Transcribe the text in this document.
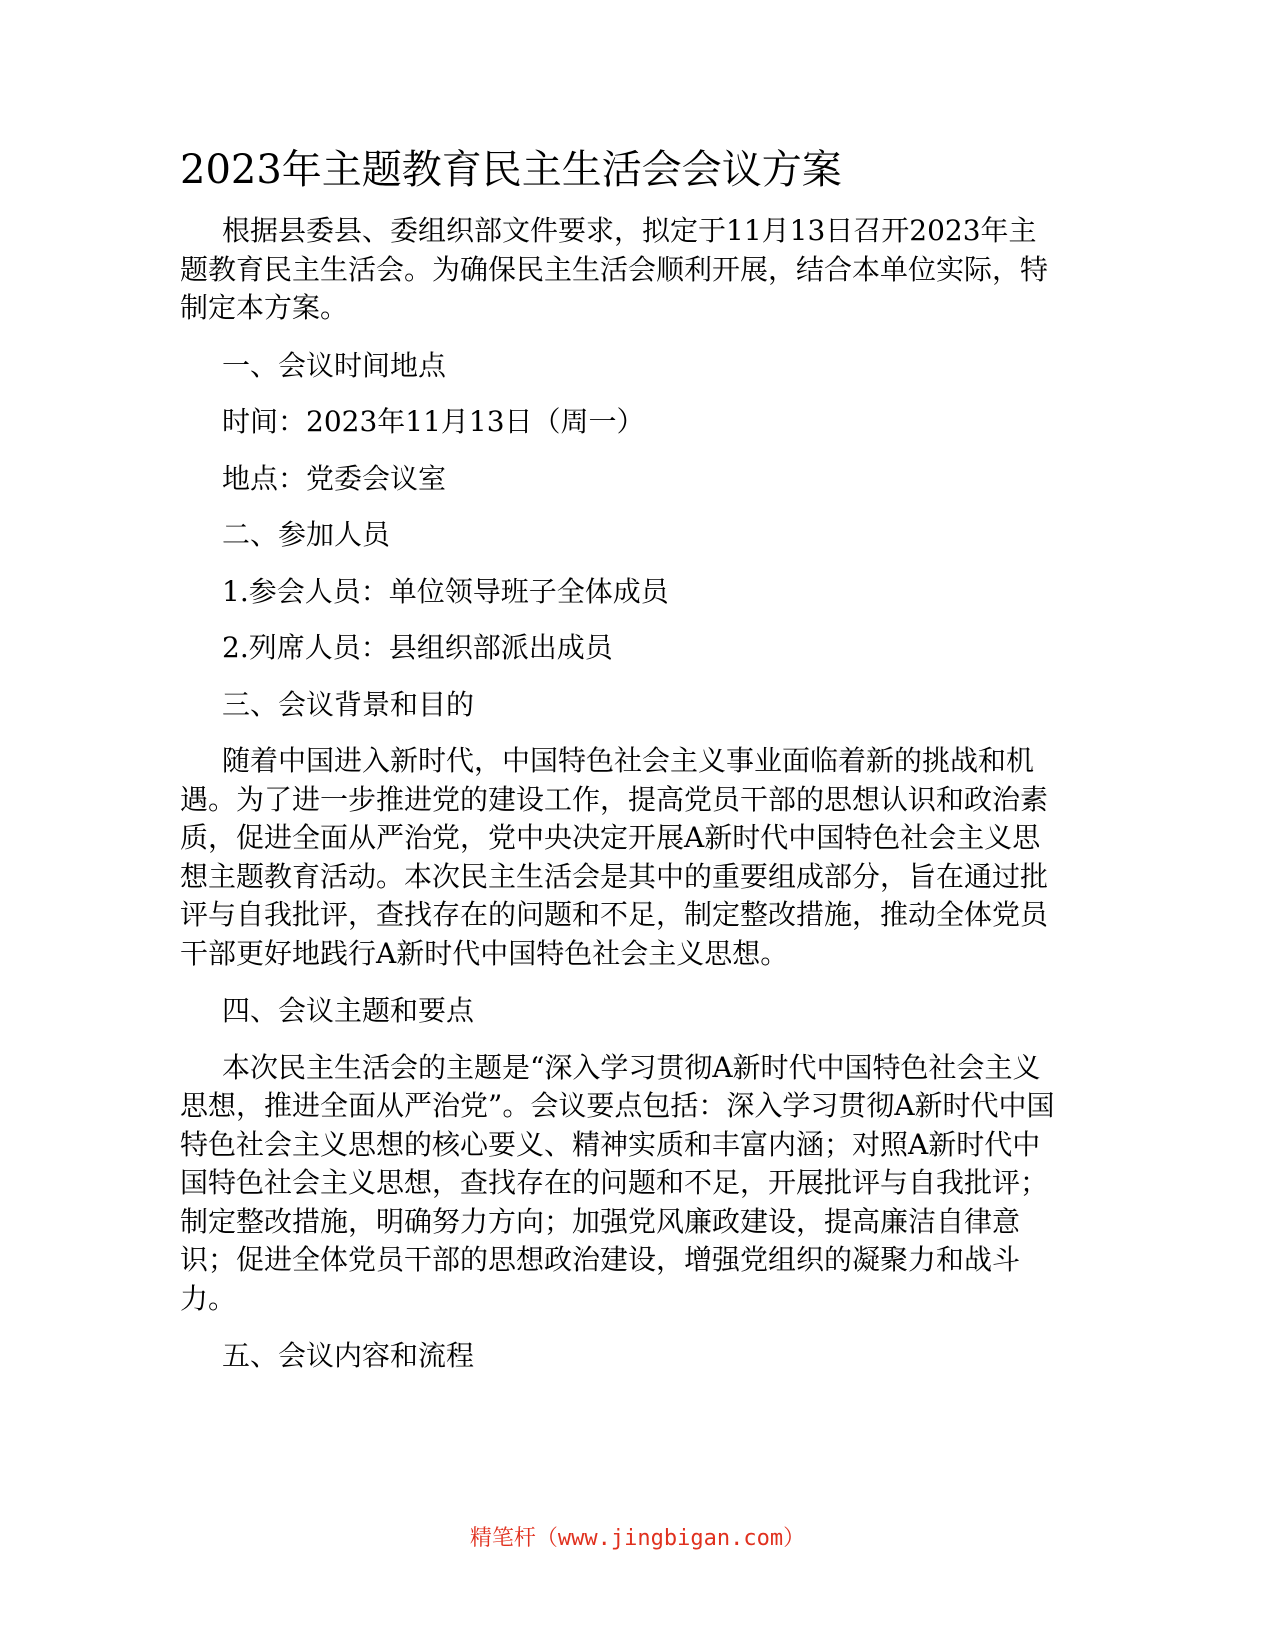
2023年主题教育民主生活会会议方案

根据县委县、委组织部文件要求，拟定于11月13日召开2023年主题教育民主生活会。为确保民主生活会顺利开展，结合本单位实际，特制定本方案。

一、会议时间地点

时间：2023年11月13日（周一）

地点：党委会议室

二、参加人员

1.参会人员：单位领导班子全体成员

2.列席人员：县组织部派出成员

三、会议背景和目的

随着中国进入新时代，中国特色社会主义事业面临着新的挑战和机遇。为了进一步推进党的建设工作，提高党员干部的思想认识和政治素质，促进全面从严治党，党中央决定开展A新时代中国特色社会主义思想主题教育活动。本次民主生活会是其中的重要组成部分，旨在通过批评与自我批评，查找存在的问题和不足，制定整改措施，推动全体党员干部更好地践行A新时代中国特色社会主义思想。

四、会议主题和要点

本次民主生活会的主题是“深入学习贯彻A新时代中国特色社会主义思想，推进全面从严治党”。会议要点包括：深入学习贯彻A新时代中国特色社会主义思想的核心要义、精神实质和丰富内涵；对照A新时代中国特色社会主义思想，查找存在的问题和不足，开展批评与自我批评；制定整改措施，明确努力方向；加强党风廉政建设，提高廉洁自律意识；促进全体党员干部的思想政治建设，增强党组织的凝聚力和战斗力。

五、会议内容和流程

精笔杆（www.jingbigan.com）
